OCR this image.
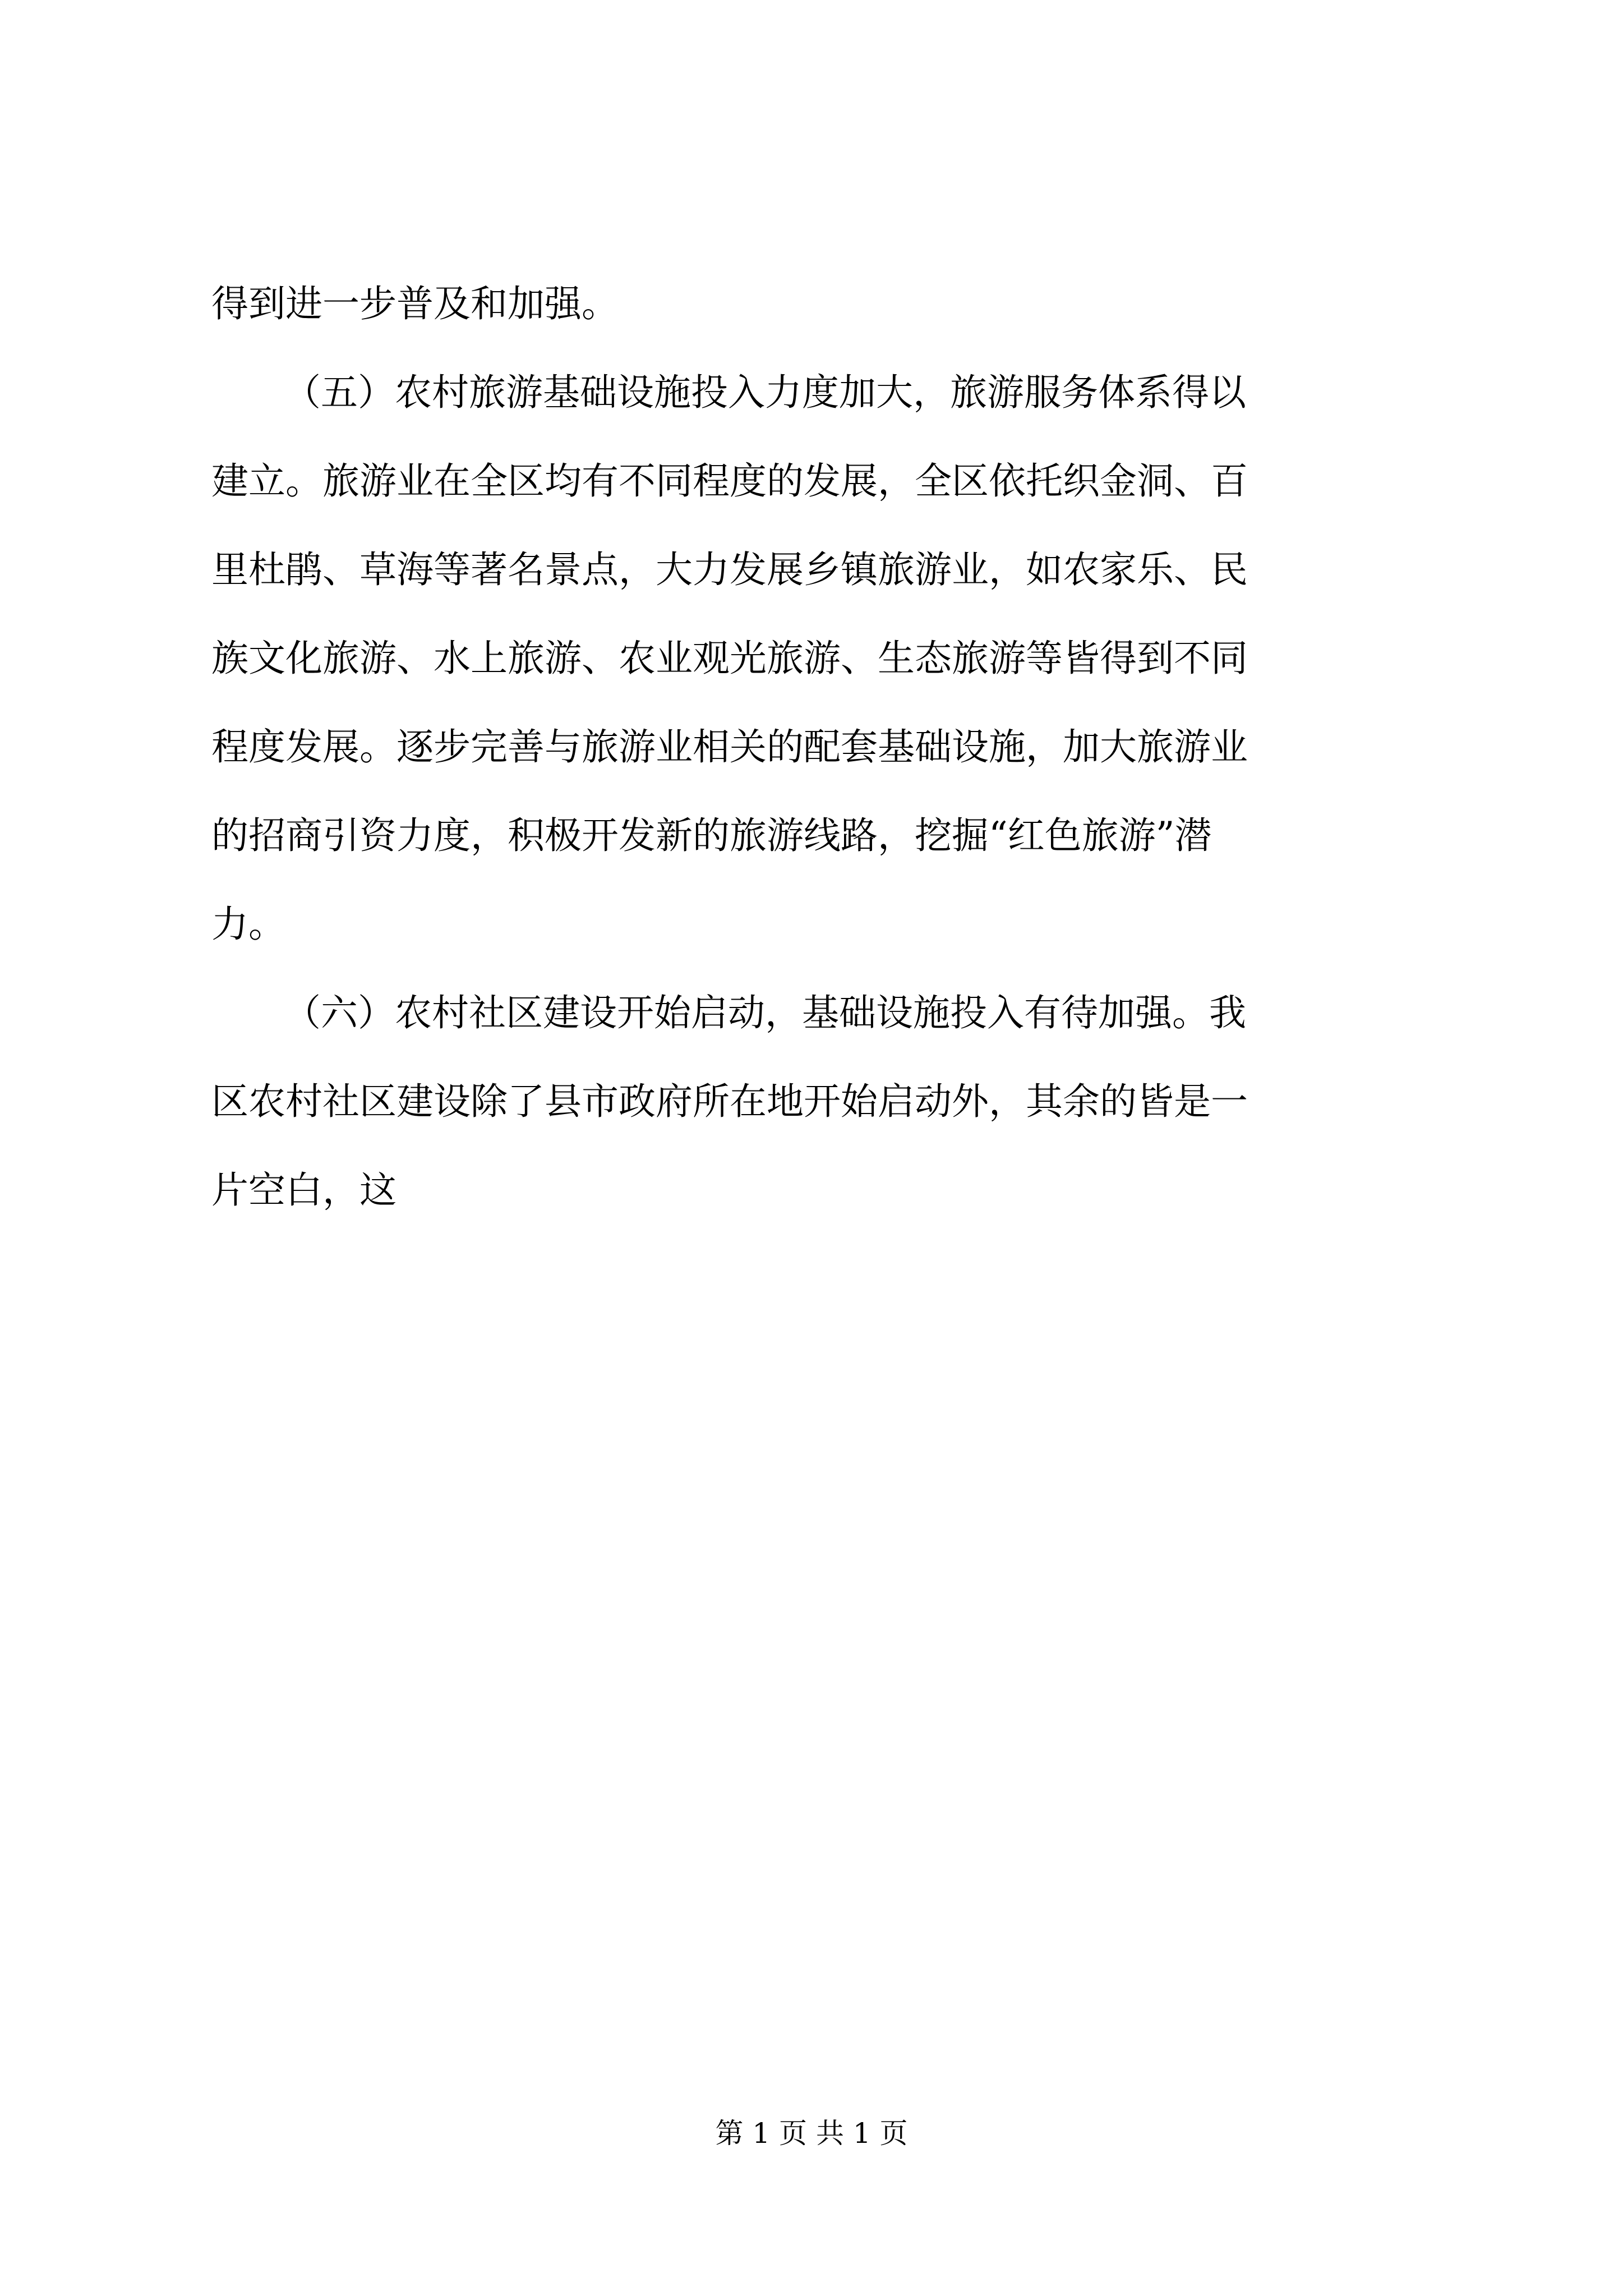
得到进一步普及和加强。
（五）农村旅游基础设施投入力度加大，旅游服务体系得以
建立。旅游业在全区均有不同程度的发展，全区依托织金洞、百
里杜鹃、草海等著名景点，大力发展乡镇旅游业，如农家乐、民
族文化旅游、水上旅游、农业观光旅游、生态旅游等皆得到不同
程度发展。逐步完善与旅游业相关的配套基础设施，加大旅游业
的招商引资力度，积极开发新的旅游线路，挖掘“红色旅游”潜
力。
（六）农村社区建设开始启动，基础设施投入有待加强。我
区农村社区建设除了县市政府所在地开始启动外，其余的皆是一
片空白，这
第 1 页 共 1 页
